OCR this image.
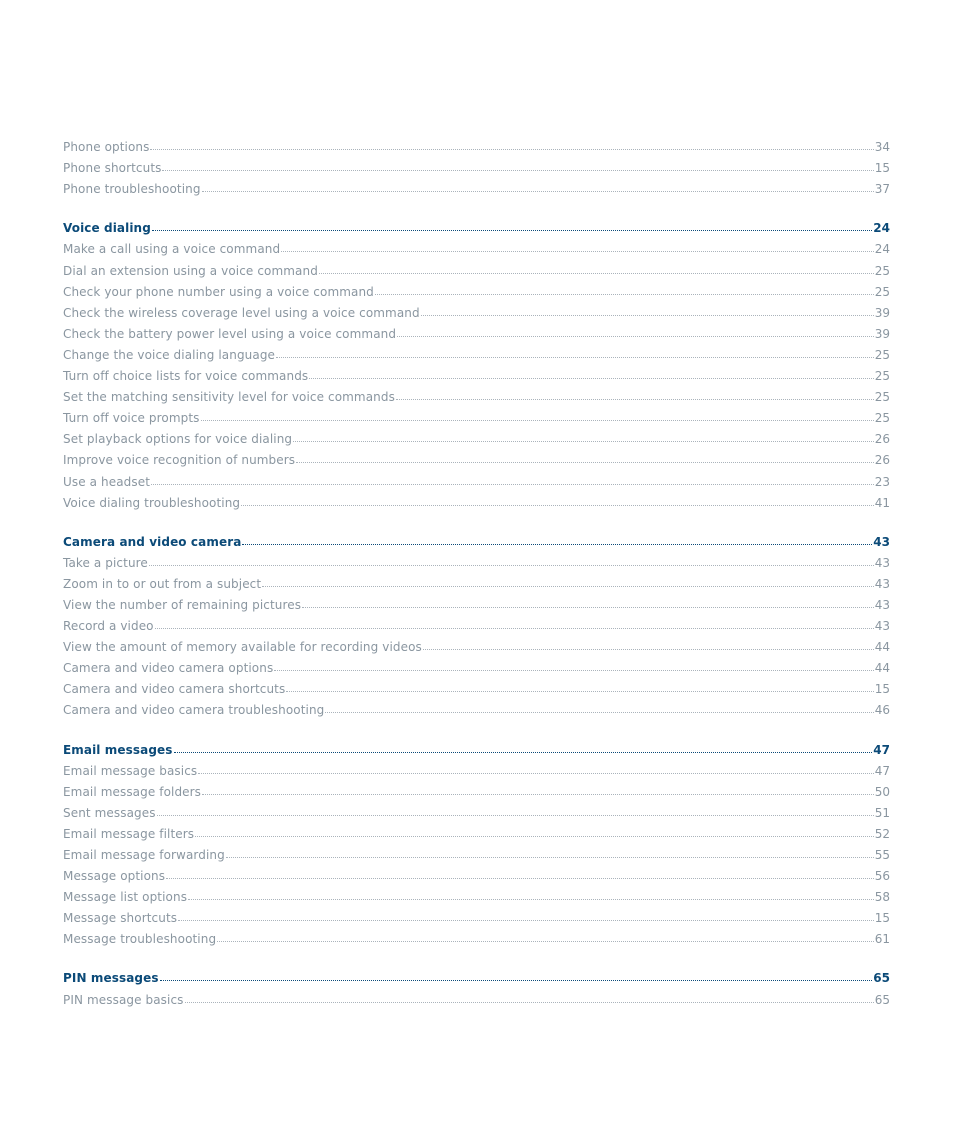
Phone options	34
Phone shortcuts	15
Phone troubleshooting	37
Voice dialing	24
Make a call using a voice command	24
Dial an extension using a voice command	25
Check your phone number using a voice command	25
Check the wireless coverage level using a voice command	39
Check the battery power level using a voice command	39
Change the voice dialing language	25
Turn off choice lists for voice commands	25
Set the matching sensitivity level for voice commands	25
Turn off voice prompts	25
Set playback options for voice dialing	26
Improve voice recognition of numbers	26
Use a headset	23
Voice dialing troubleshooting	41
Camera and video camera	43
Take a picture	43
Zoom in to or out from a subject	43
View the number of remaining pictures	43
Record a video	43
View the amount of memory available for recording videos	44
Camera and video camera options	44
Camera and video camera shortcuts	15
Camera and video camera troubleshooting	46
Email messages	47
Email message basics	47
Email message folders	50
Sent messages	51
Email message filters	52
Email message forwarding	55
Message options	56
Message list options	58
Message shortcuts	15
Message troubleshooting	61
PIN messages	65
PIN message basics	65
